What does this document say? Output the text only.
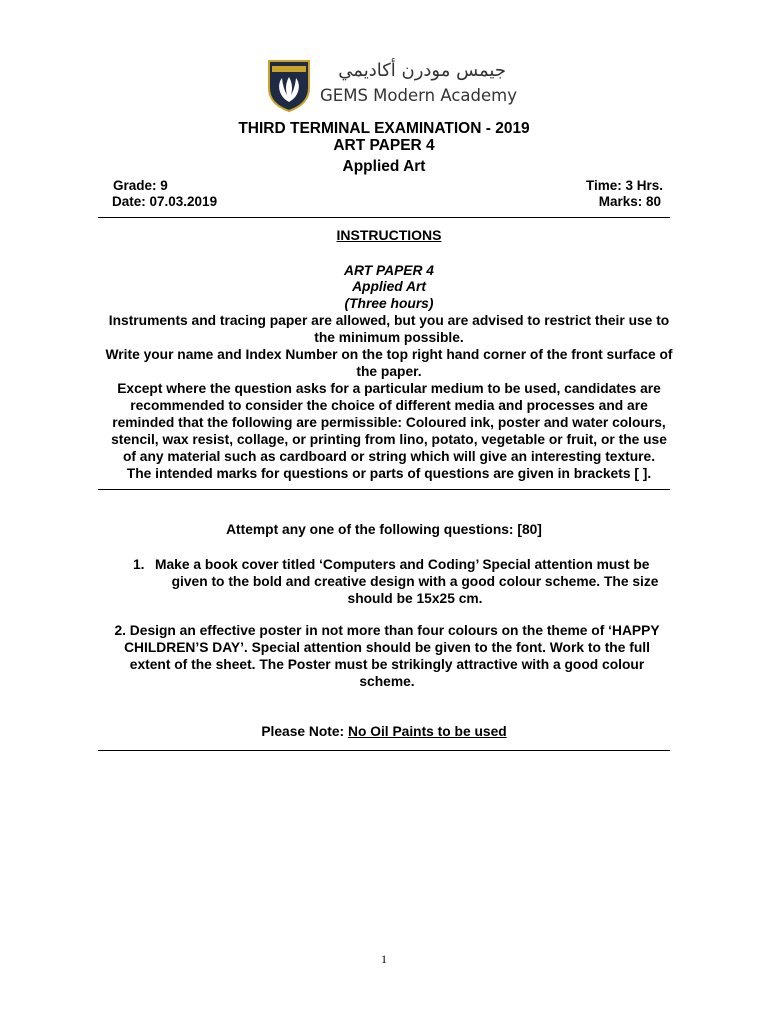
جيمس مودرن أكاديمي
GEMS Modern Academy
THIRD TERMINAL EXAMINATION - 2019
ART PAPER 4
Applied Art
Grade: 9
Date: 07.03.2019
Time: 3 Hrs.
Marks: 80
INSTRUCTIONS
ART PAPER 4
Applied Art
(Three hours)
Instruments and tracing paper are allowed, but you are advised to restrict their use to
the minimum possible.
Write your name and Index Number on the top right hand corner of the front surface of
the paper.
Except where the question asks for a particular medium to be used, candidates are
recommended to consider the choice of different media and processes and are
reminded that the following are permissible: Coloured ink, poster and water colours,
stencil, wax resist, collage, or printing from lino, potato, vegetable or fruit, or the use
of any material such as cardboard or string which will give an interesting texture.
The intended marks for questions or parts of questions are given in brackets [ ].
Attempt any one of the following questions: [80]
1. Make a book cover titled ‘Computers and Coding’ Special attention must be
given to the bold and creative design with a good colour scheme. The size
should be 15x25 cm.
2. Design an effective poster in not more than four colours on the theme of ‘HAPPY
CHILDREN’S DAY’. Special attention should be given to the font. Work to the full
extent of the sheet. The Poster must be strikingly attractive with a good colour
scheme.
Please Note: No Oil Paints to be used
1
